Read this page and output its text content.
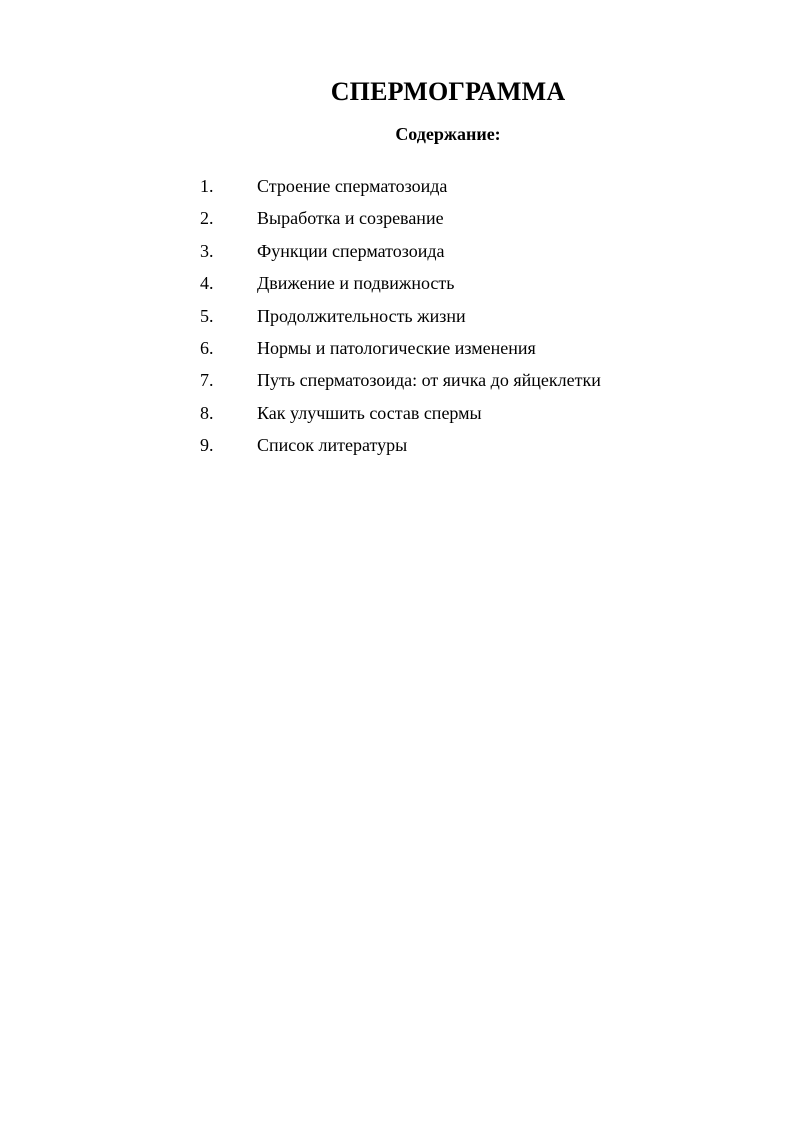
СПЕРМОГРАММА
Содержание:
1. Строение сперматозоида
2. Выработка и созревание
3. Функции сперматозоида
4. Движение и подвижность
5. Продолжительность жизни
6. Нормы и патологические изменения
7. Путь сперматозоида: от яичка до яйцеклетки
8. Как улучшить состав спермы
9. Список литературы
